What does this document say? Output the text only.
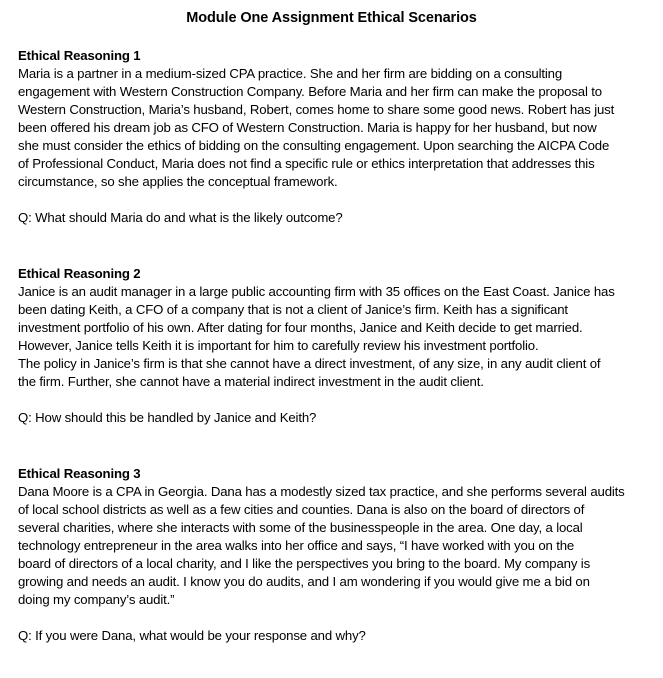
Module One Assignment Ethical Scenarios

Ethical Reasoning 1

Maria is a partner in a medium-sized CPA practice. She and her firm are bidding on a consulting
engagement with Western Construction Company. Before Maria and her firm can make the proposal to
Western Construction, Maria’s husband, Robert, comes home to share some good news. Robert has just
been offered his dream job as CFO of Western Construction. Maria is happy for her husband, but now
she must consider the ethics of bidding on the consulting engagement. Upon searching the AICPA Code
of Professional Conduct, Maria does not find a specific rule or ethics interpretation that addresses this
circumstance, so she applies the conceptual framework.

Q: What should Maria do and what is the likely outcome?

Ethical Reasoning 2

Janice is an audit manager in a large public accounting firm with 35 offices on the East Coast. Janice has
been dating Keith, a CFO of a company that is not a client of Janice’s firm. Keith has a significant
investment portfolio of his own. After dating for four months, Janice and Keith decide to get married.
However, Janice tells Keith it is important for him to carefully review his investment portfolio.
The policy in Janice’s firm is that she cannot have a direct investment, of any size, in any audit client of
the firm. Further, she cannot have a material indirect investment in the audit client.

Q: How should this be handled by Janice and Keith?

Ethical Reasoning 3

Dana Moore is a CPA in Georgia. Dana has a modestly sized tax practice, and she performs several audits
of local school districts as well as a few cities and counties. Dana is also on the board of directors of
several charities, where she interacts with some of the businesspeople in the area. One day, a local
technology entrepreneur in the area walks into her office and says, “I have worked with you on the
board of directors of a local charity, and I like the perspectives you bring to the board. My company is
growing and needs an audit. I know you do audits, and I am wondering if you would give me a bid on
doing my company’s audit.”

Q: If you were Dana, what would be your response and why?
